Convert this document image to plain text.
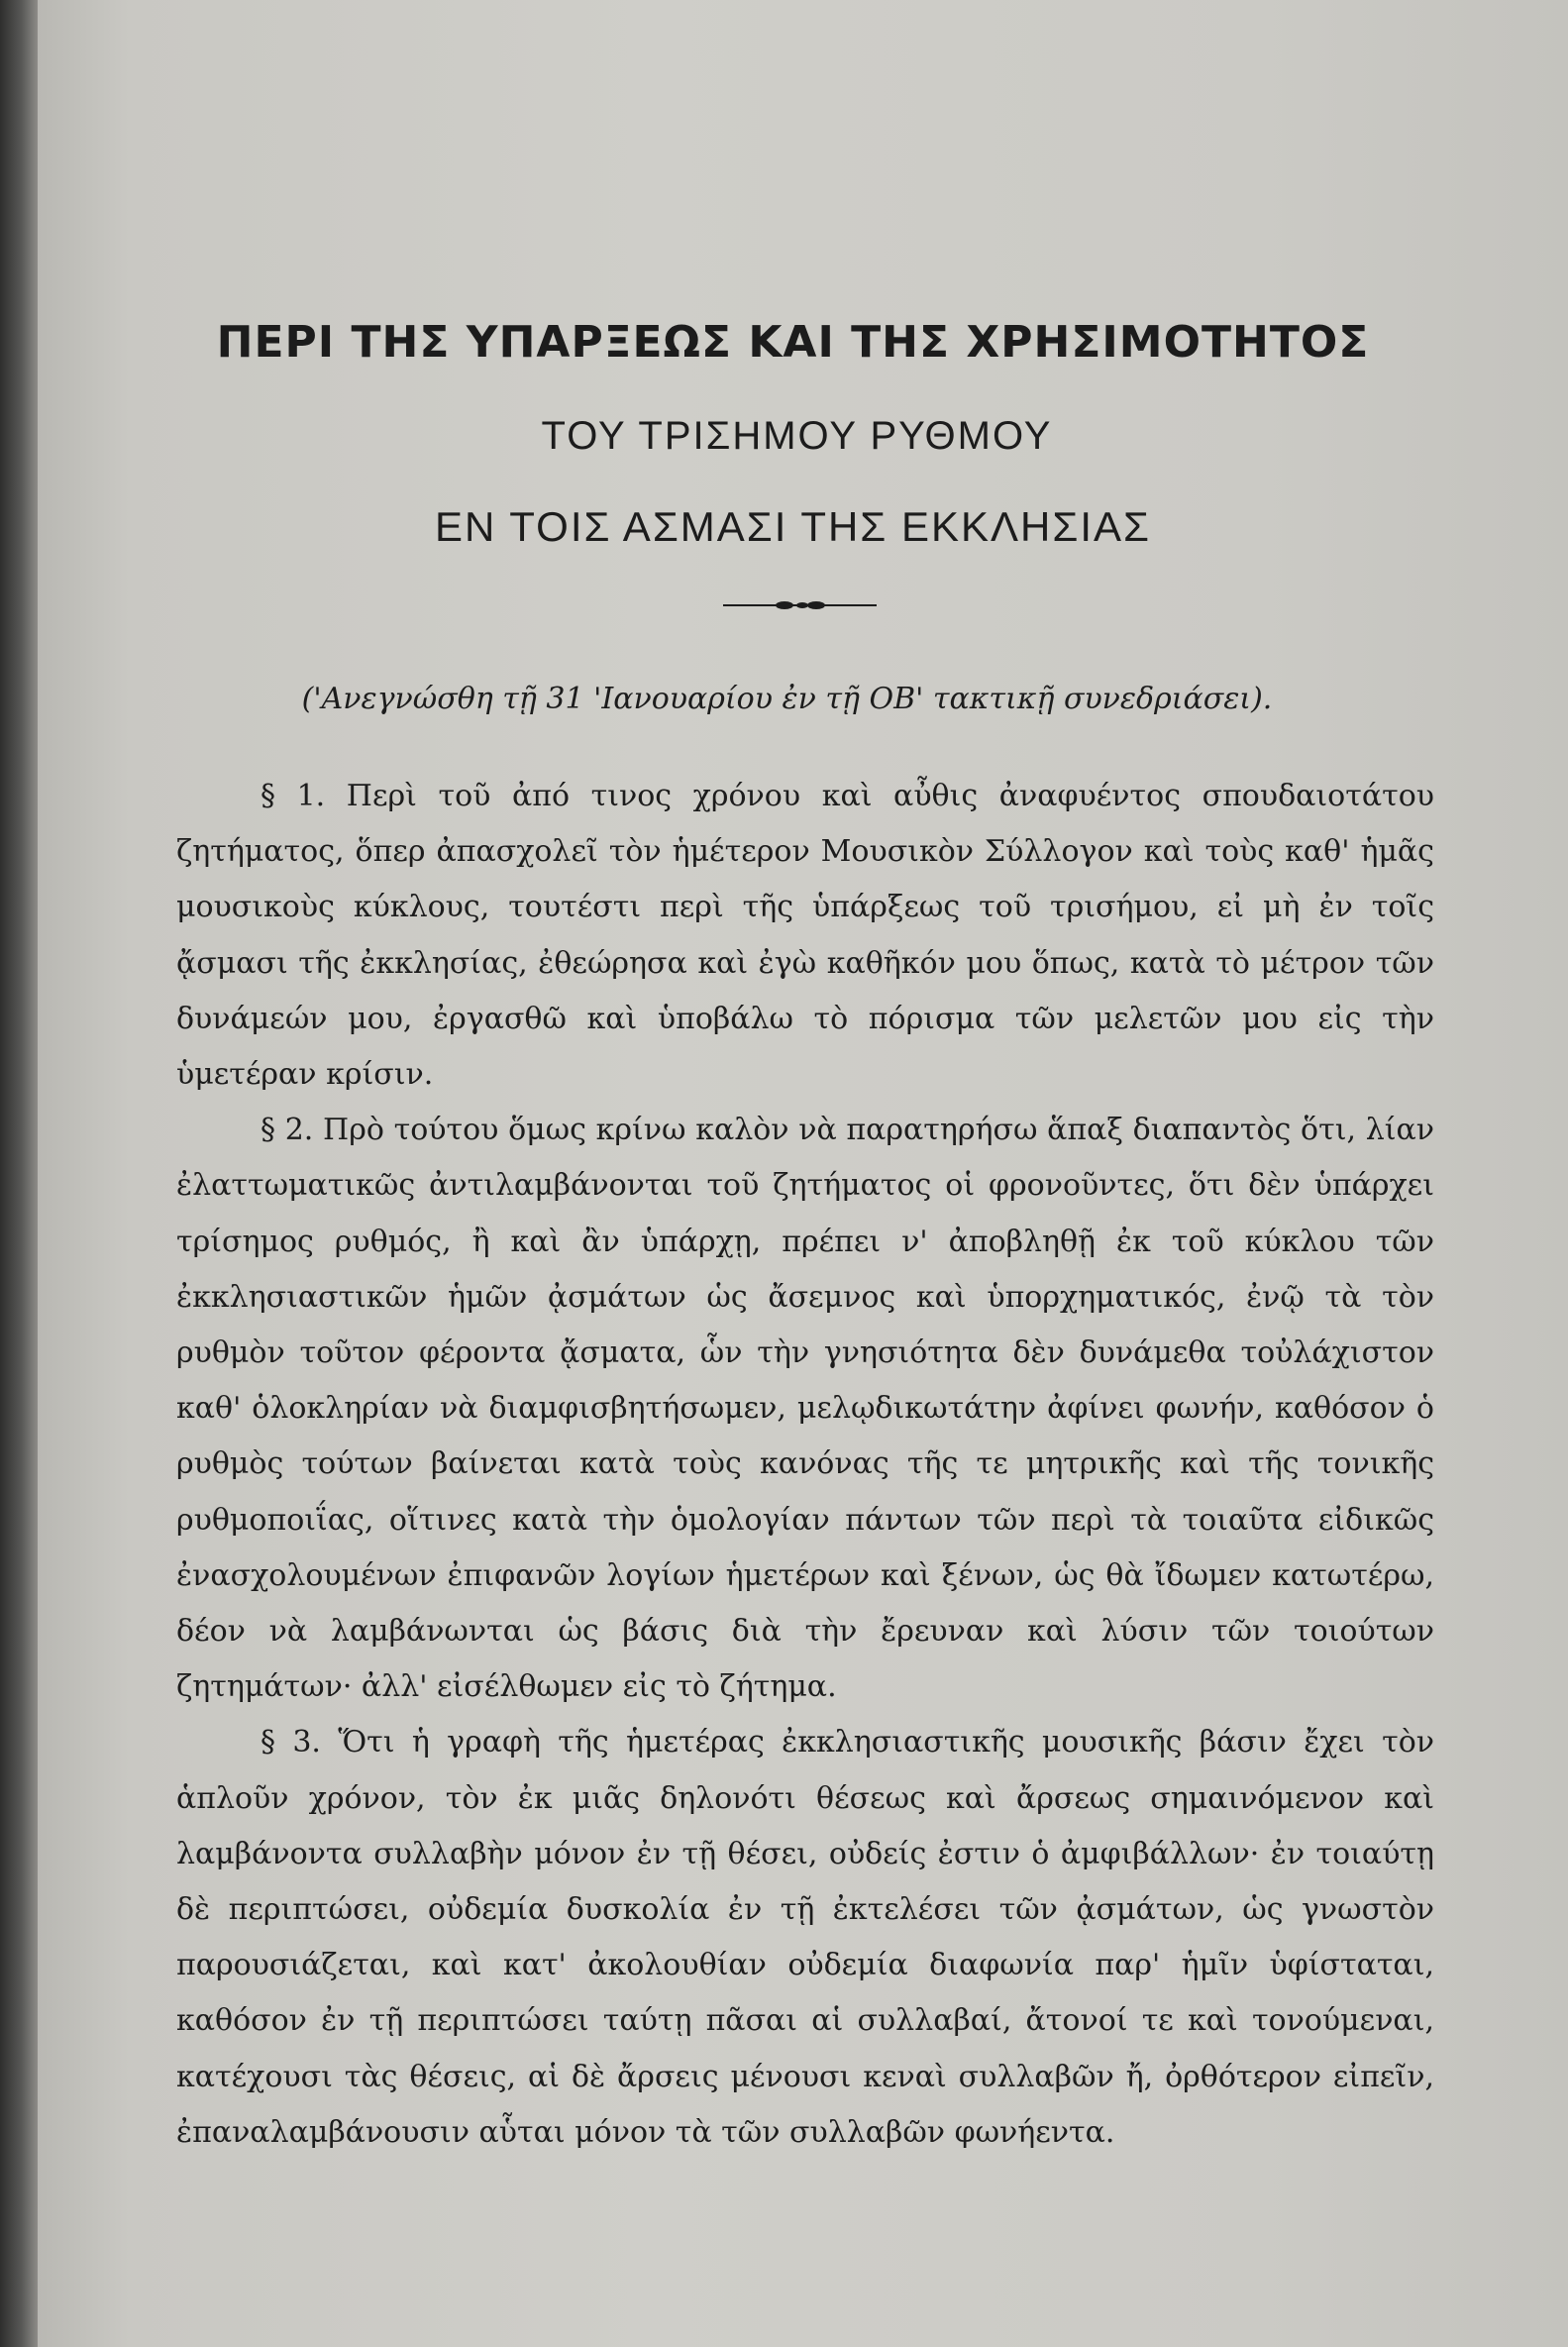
ΠΕΡΙ ΤΗΣ ΥΠΑΡΞΕΩΣ ΚΑΙ ΤΗΣ ΧΡΗΣΙΜΟΤΗΤΟΣ
ΤΟΥ ΤΡΙΣΗΜΟΥ ΡΥΘΜΟΥ
ΕΝ ΤΟΙΣ ΑΣΜΑΣΙ ΤΗΣ ΕΚΚΛΗΣΙΑΣ
('Ανεγνώσθη τῇ 31 'Ιανουαρίου ἐν τῇ ΟΒ' τακτικῇ συνεδριάσει).

§ 1. Περὶ τοῦ ἀπό τινος χρόνου καὶ αὖθις ἀναφυέντος σπουδαιοτάτου ζητήματος, ὅπερ ἀπασχολεῖ τὸν ἡμέτερον Μουσικὸν Σύλλογον καὶ τοὺς καθ' ἡμᾶς μουσικοὺς κύκλους, τουτέστι περὶ τῆς ὑπάρξεως τοῦ τρισήμου, εἰ μὴ ἐν τοῖς ᾄσμασι τῆς ἐκκλησίας, ἐθεώρησα καὶ ἐγὼ καθῆκόν μου ὅπως, κατὰ τὸ μέτρον τῶν δυνάμεών μου, ἐργασθῶ καὶ ὑποβάλω τὸ πόρισμα τῶν μελετῶν μου εἰς τὴν ὑμετέραν κρίσιν.

§ 2. Πρὸ τούτου ὅμως κρίνω καλὸν νὰ παρατηρήσω ἅπαξ διαπαντὸς ὅτι, λίαν ἐλαττωματικῶς ἀντιλαμβάνονται τοῦ ζητήματος οἱ φρονοῦντες, ὅτι δὲν ὑπάρχει τρίσημος ρυθμός, ἢ καὶ ἂν ὑπάρχῃ, πρέπει ν' ἀποβληθῇ ἐκ τοῦ κύκλου τῶν ἐκκλησιαστικῶν ἡμῶν ᾀσμάτων ὡς ἄσεμνος καὶ ὑπορχηματικός, ἐνῷ τὰ τὸν ρυθμὸν τοῦτον φέροντα ᾄσματα, ὧν τὴν γνησιότητα δὲν δυνάμεθα τοὐλάχιστον καθ' ὁλοκληρίαν νὰ διαμφισβητήσωμεν, μελῳδικωτάτην ἀφίνει φωνήν, καθόσον ὁ ρυθμὸς τούτων βαίνεται κατὰ τοὺς κανόνας τῆς τε μητρικῆς καὶ τῆς τονικῆς ρυθμοποιΐας, οἵτινες κατὰ τὴν ὁμολογίαν πάντων τῶν περὶ τὰ τοιαῦτα εἰδικῶς ἐνασχολουμένων ἐπιφανῶν λογίων ἡμετέρων καὶ ξένων, ὡς θὰ ἴδωμεν κατωτέρω, δέον νὰ λαμβάνωνται ὡς βάσις διὰ τὴν ἔρευναν καὶ λύσιν τῶν τοιούτων ζητημάτων· ἀλλ' εἰσέλθωμεν εἰς τὸ ζήτημα.

§ 3. Ὅτι ἡ γραφὴ τῆς ἡμετέρας ἐκκλησιαστικῆς μουσικῆς βάσιν ἔχει τὸν ἁπλοῦν χρόνον, τὸν ἐκ μιᾶς δηλονότι θέσεως καὶ ἄρσεως σημαινόμενον καὶ λαμβάνοντα συλλαβὴν μόνον ἐν τῇ θέσει, οὐδείς ἐστιν ὁ ἀμφιβάλλων· ἐν τοιαύτῃ δὲ περιπτώσει, οὐδεμία δυσκολία ἐν τῇ ἐκτελέσει τῶν ᾀσμάτων, ὡς γνωστὸν παρουσιάζεται, καὶ κατ' ἀκολουθίαν οὐδεμία διαφωνία παρ' ἡμῖν ὑφίσταται, καθόσον ἐν τῇ περιπτώσει ταύτῃ πᾶσαι αἱ συλλαβαί, ἄτονοί τε καὶ τονούμεναι, κατέχουσι τὰς θέσεις, αἱ δὲ ἄρσεις μένουσι κεναὶ συλλαβῶν ἤ, ὀρθότερον εἰπεῖν, ἐπαναλαμβάνουσιν αὗται μόνον τὰ τῶν συλλαβῶν φωνήεντα.
